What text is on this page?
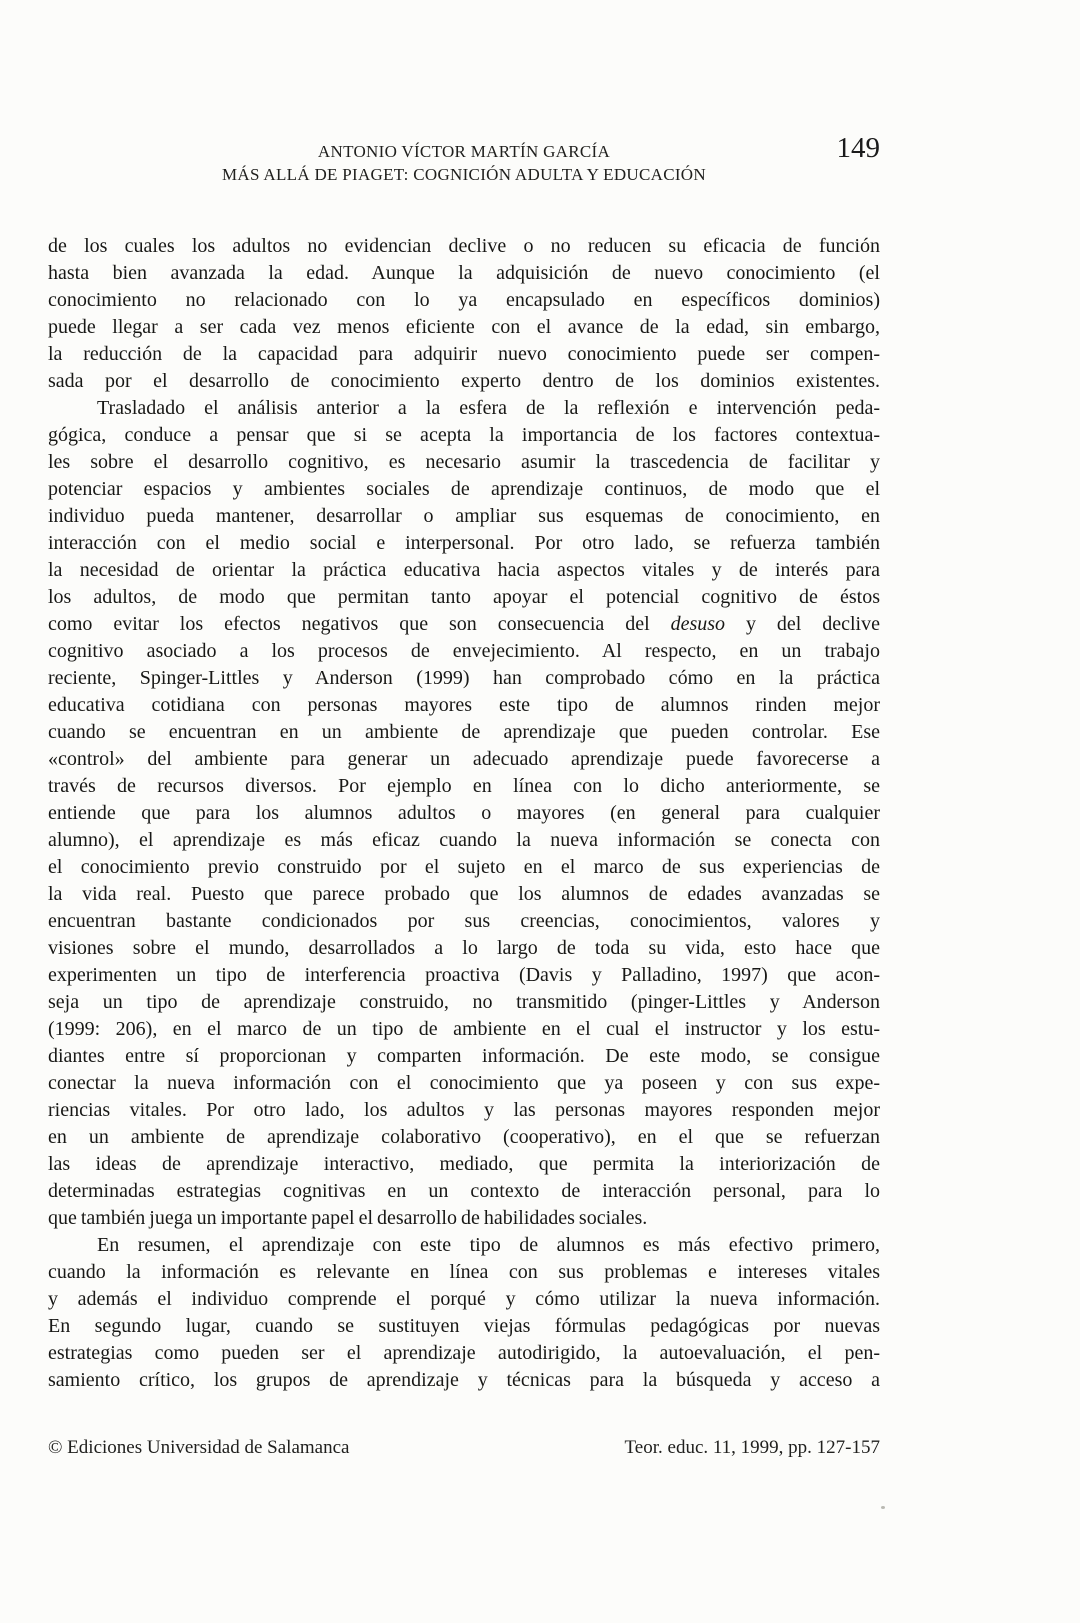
ANTONIO VÍCTOR MARTÍN GARCÍA
MÁS ALLÁ DE PIAGET: COGNICIÓN ADULTA Y EDUCACIÓN
149
de los cuales los adultos no evidencian declive o no reducen su eficacia de función
hasta bien avanzada la edad. Aunque la adquisición de nuevo conocimiento (el
conocimiento no relacionado con lo ya encapsulado en específicos dominios)
puede llegar a ser cada vez menos eficiente con el avance de la edad, sin embargo,
la reducción de la capacidad para adquirir nuevo conocimiento puede ser compen-
sada por el desarrollo de conocimiento experto dentro de los dominios existentes.
Trasladado el análisis anterior a la esfera de la reflexión e intervención peda-
gógica, conduce a pensar que si se acepta la importancia de los factores contextua-
les sobre el desarrollo cognitivo, es necesario asumir la trascedencia de facilitar y
potenciar espacios y ambientes sociales de aprendizaje continuos, de modo que el
individuo pueda mantener, desarrollar o ampliar sus esquemas de conocimiento, en
interacción con el medio social e interpersonal. Por otro lado, se refuerza también
la necesidad de orientar la práctica educativa hacia aspectos vitales y de interés para
los adultos, de modo que permitan tanto apoyar el potencial cognitivo de éstos
como evitar los efectos negativos que son consecuencia del desuso y del declive
cognitivo asociado a los procesos de envejecimiento. Al respecto, en un trabajo
reciente, Spinger-Littles y Anderson (1999) han comprobado cómo en la práctica
educativa cotidiana con personas mayores este tipo de alumnos rinden mejor
cuando se encuentran en un ambiente de aprendizaje que pueden controlar. Ese
«control» del ambiente para generar un adecuado aprendizaje puede favorecerse a
través de recursos diversos. Por ejemplo en línea con lo dicho anteriormente, se
entiende que para los alumnos adultos o mayores (en general para cualquier
alumno), el aprendizaje es más eficaz cuando la nueva información se conecta con
el conocimiento previo construido por el sujeto en el marco de sus experiencias de
la vida real. Puesto que parece probado que los alumnos de edades avanzadas se
encuentran bastante condicionados por sus creencias, conocimientos, valores y
visiones sobre el mundo, desarrollados a lo largo de toda su vida, esto hace que
experimenten un tipo de interferencia proactiva (Davis y Palladino, 1997) que acon-
seja un tipo de aprendizaje construido, no transmitido (pinger-Littles y Anderson
(1999: 206), en el marco de un tipo de ambiente en el cual el instructor y los estu-
diantes entre sí proporcionan y comparten información. De este modo, se consigue
conectar la nueva información con el conocimiento que ya poseen y con sus expe-
riencias vitales. Por otro lado, los adultos y las personas mayores responden mejor
en un ambiente de aprendizaje colaborativo (cooperativo), en el que se refuerzan
las ideas de aprendizaje interactivo, mediado, que permita la interiorización de
determinadas estrategias cognitivas en un contexto de interacción personal, para lo
que también juega un importante papel el desarrollo de habilidades sociales.
En resumen, el aprendizaje con este tipo de alumnos es más efectivo primero,
cuando la información es relevante en línea con sus problemas e intereses vitales
y además el individuo comprende el porqué y cómo utilizar la nueva información.
En segundo lugar, cuando se sustituyen viejas fórmulas pedagógicas por nuevas
estrategias como pueden ser el aprendizaje autodirigido, la autoevaluación, el pen-
samiento crítico, los grupos de aprendizaje y técnicas para la búsqueda y acceso a
© Ediciones Universidad de Salamanca	Teor. educ. 11, 1999, pp. 127-157
